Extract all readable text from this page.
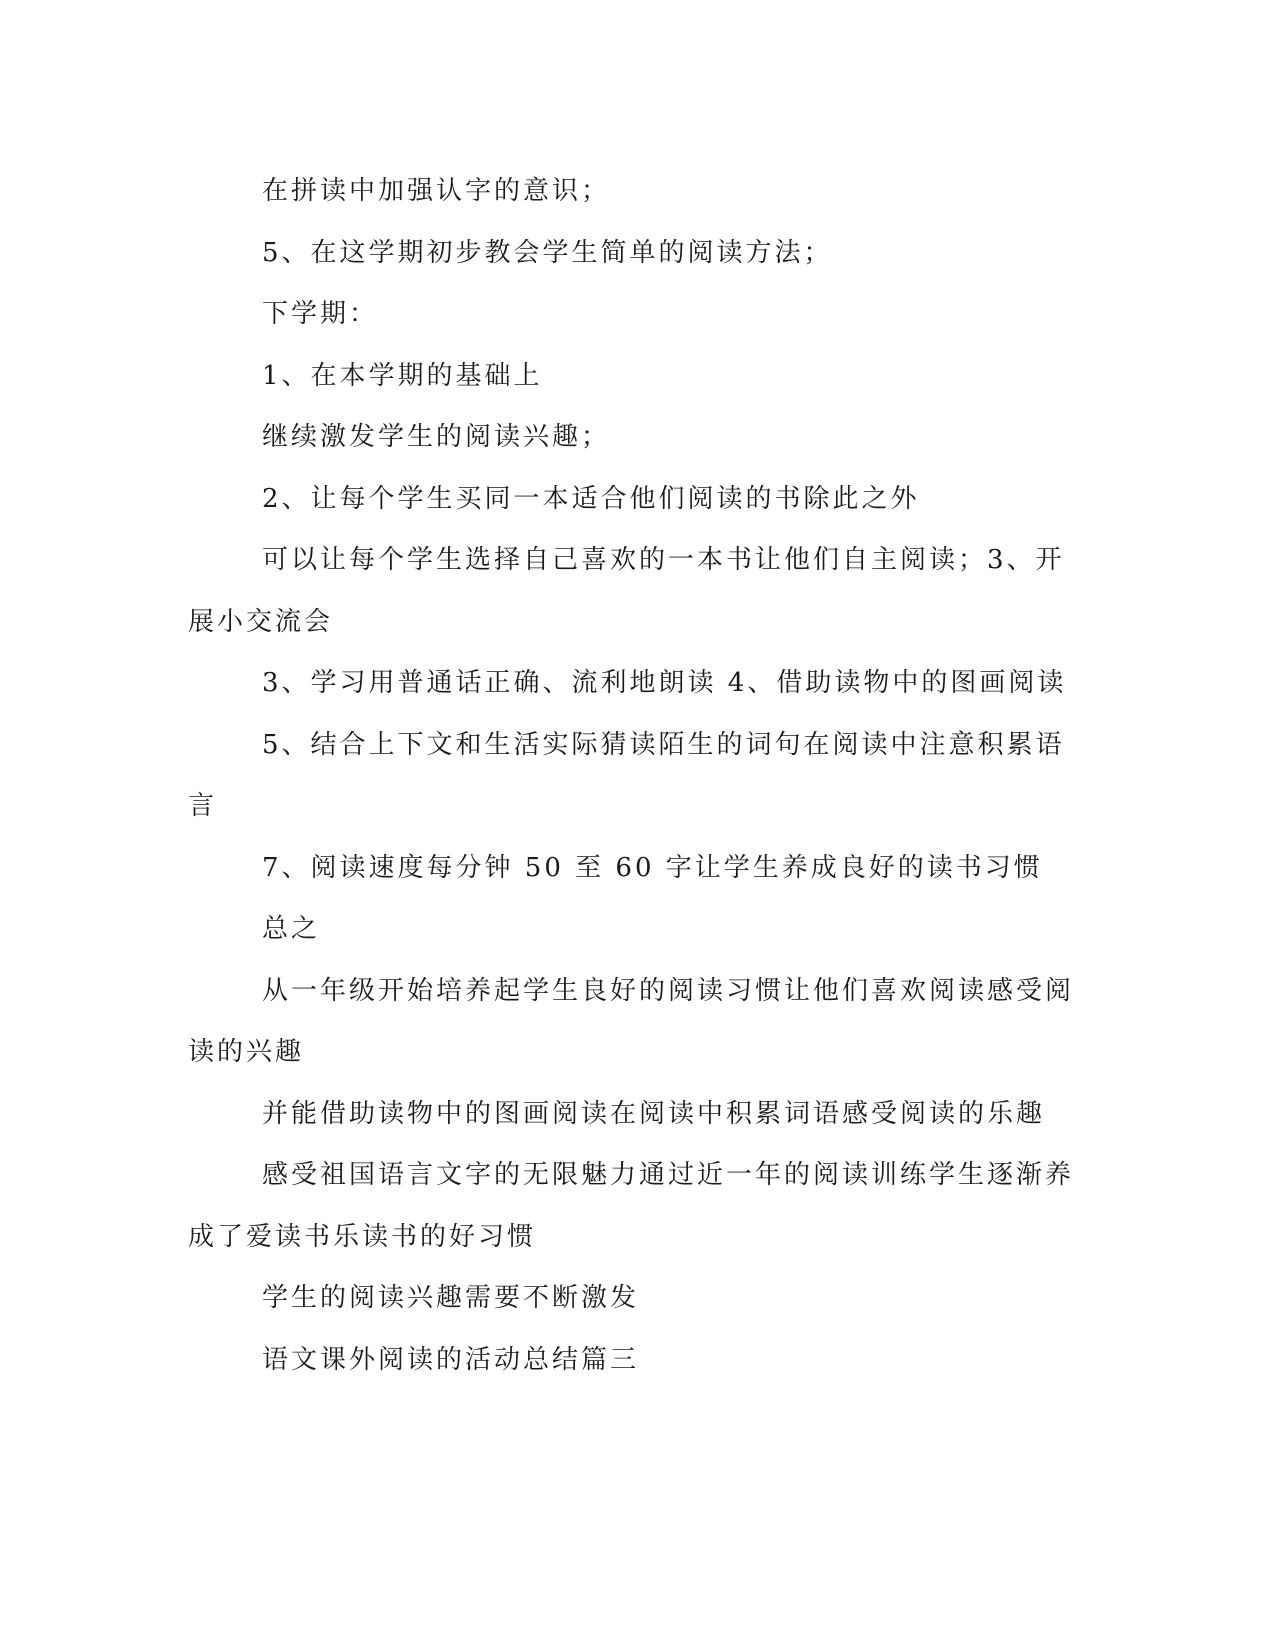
在拼读中加强认字的意识；
5、在这学期初步教会学生简单的阅读方法；
下学期：
1、在本学期的基础上
继续激发学生的阅读兴趣；
2、让每个学生买同一本适合他们阅读的书除此之外
可以让每个学生选择自己喜欢的一本书让他们自主阅读；3、开
展小交流会
3、学习用普通话正确、流利地朗读 4、借助读物中的图画阅读
5、结合上下文和生活实际猜读陌生的词句在阅读中注意积累语
言
7、阅读速度每分钟 50 至 60 字让学生养成良好的读书习惯
总之
从一年级开始培养起学生良好的阅读习惯让他们喜欢阅读感受阅
读的兴趣
并能借助读物中的图画阅读在阅读中积累词语感受阅读的乐趣
感受祖国语言文字的无限魅力通过近一年的阅读训练学生逐渐养
成了爱读书乐读书的好习惯
学生的阅读兴趣需要不断激发
语文课外阅读的活动总结篇三
